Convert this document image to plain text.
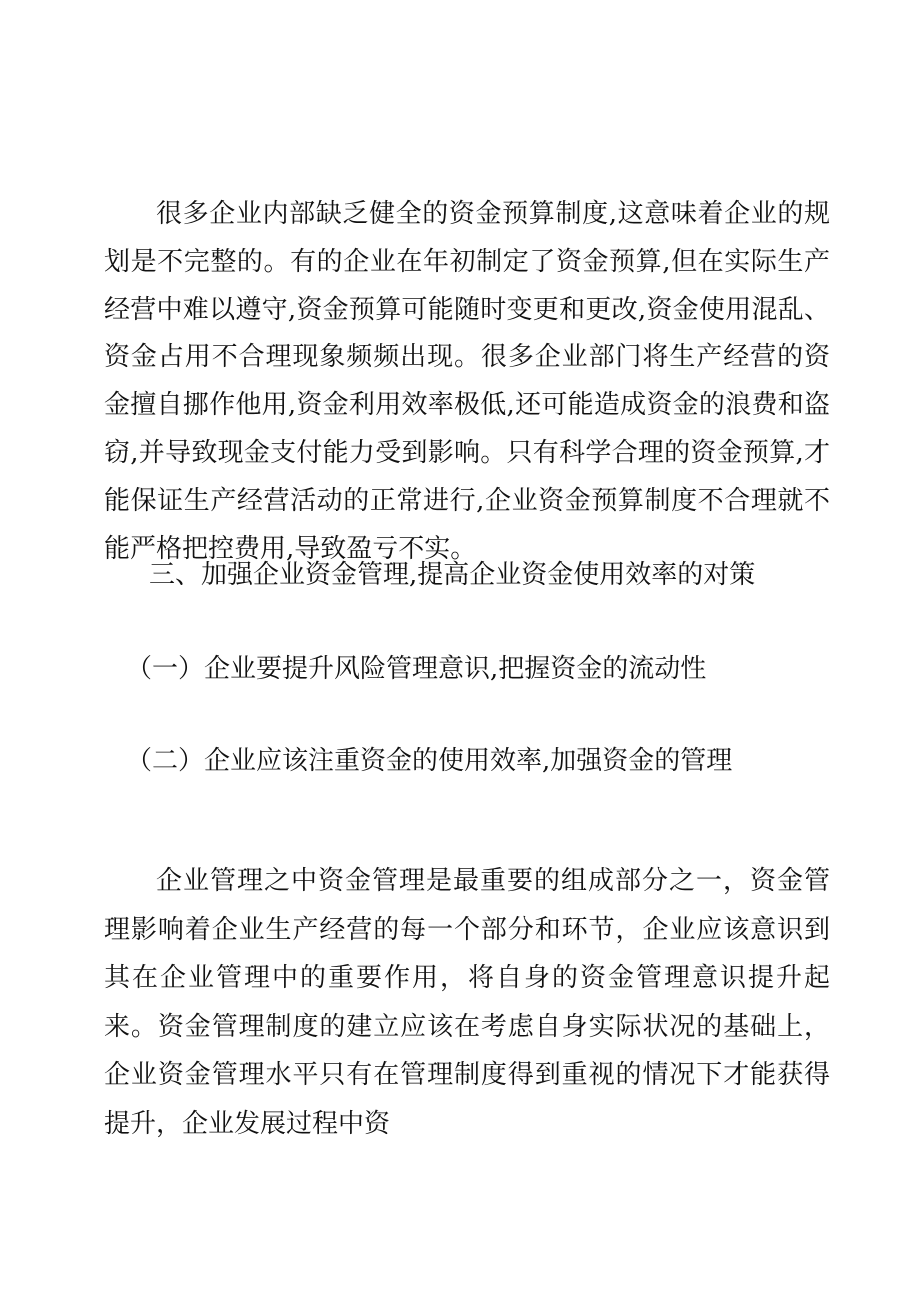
很多企业内部缺乏健全的资金预算制度,这意味着企业的规划是不完整的。有的企业在年初制定了资金预算,但在实际生产经营中难以遵守,资金预算可能随时变更和更改,资金使用混乱、资金占用不合理现象频频出现。很多企业部门将生产经营的资金擅自挪作他用,资金利用效率极低,还可能造成资金的浪费和盗窃,并导致现金支付能力受到影响。只有科学合理的资金预算,才能保证生产经营活动的正常进行,企业资金预算制度不合理就不能严格把控费用,导致盈亏不实。

三、加强企业资金管理,提高企业资金使用效率的对策
（一）企业要提升风险管理意识,把握资金的流动性
（二）企业应该注重资金的使用效率,加强资金的管理

企业管理之中资金管理是最重要的组成部分之一，资金管理影响着企业生产经营的每一个部分和环节，企业应该意识到其在企业管理中的重要作用，将自身的资金管理意识提升起来。资金管理制度的建立应该在考虑自身实际状况的基础上，企业资金管理水平只有在管理制度得到重视的情况下才能获得提升，企业发展过程中资
